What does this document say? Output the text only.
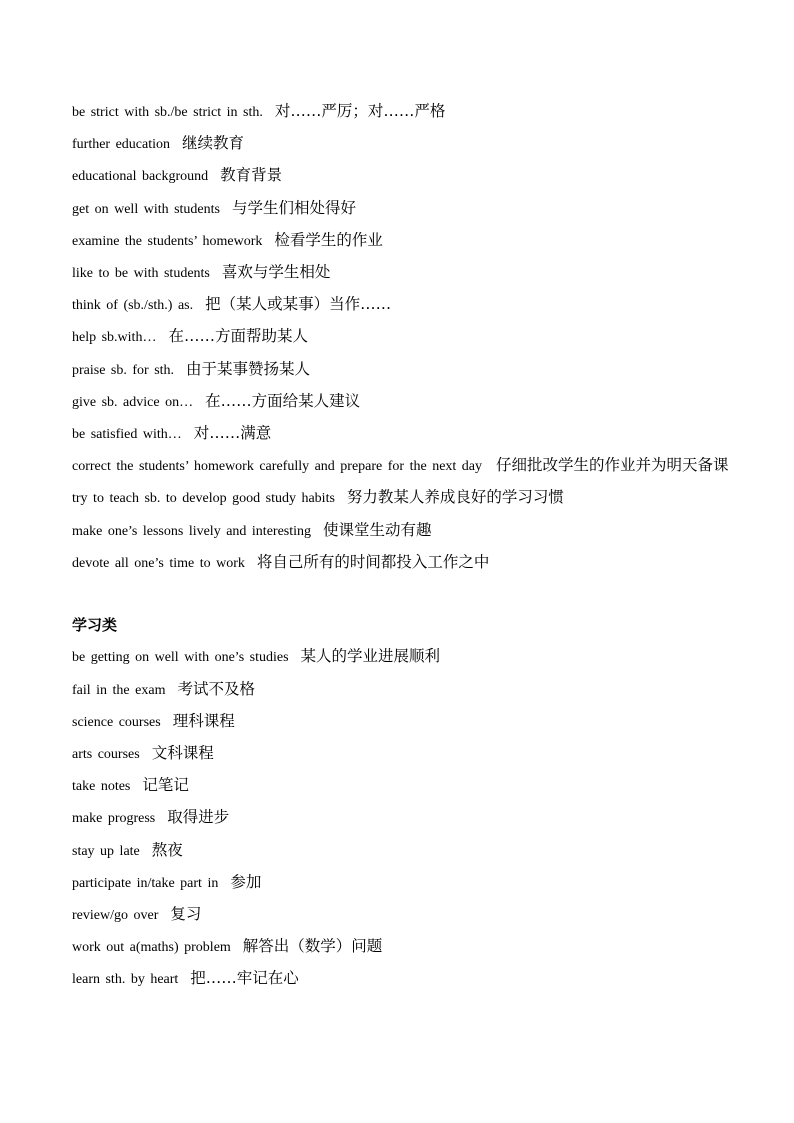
be strict with sb./be strict in sth. 对……严厉；对……严格

further education 继续教育

educational background 教育背景

get on well with students 与学生们相处得好

examine the students’ homework 检看学生的作业

like to be with students 喜欢与学生相处

think of (sb./sth.) as. 把（某人或某事）当作……

help sb.with… 在……方面帮助某人

praise sb. for sth. 由于某事赞扬某人

give sb. advice on… 在……方面给某人建议

be satisfied with… 对……满意

correct the students’ homework carefully and prepare for the next day 仔细批改学生的作业并为明天备课

try to teach sb. to develop good study habits 努力教某人养成良好的学习习惯

make one’s lessons lively and interesting 使课堂生动有趣

devote all one’s time to work 将自己所有的时间都投入工作之中

学习类

be getting on well with one’s studies 某人的学业进展顺利

fail in the exam 考试不及格

science courses 理科课程

arts courses 文科课程

take notes 记笔记

make progress 取得进步

stay up late 熬夜

participate in/take part in 参加

review/go over 复习

work out a(maths) problem 解答出（数学）问题

learn sth. by heart 把……牢记在心
